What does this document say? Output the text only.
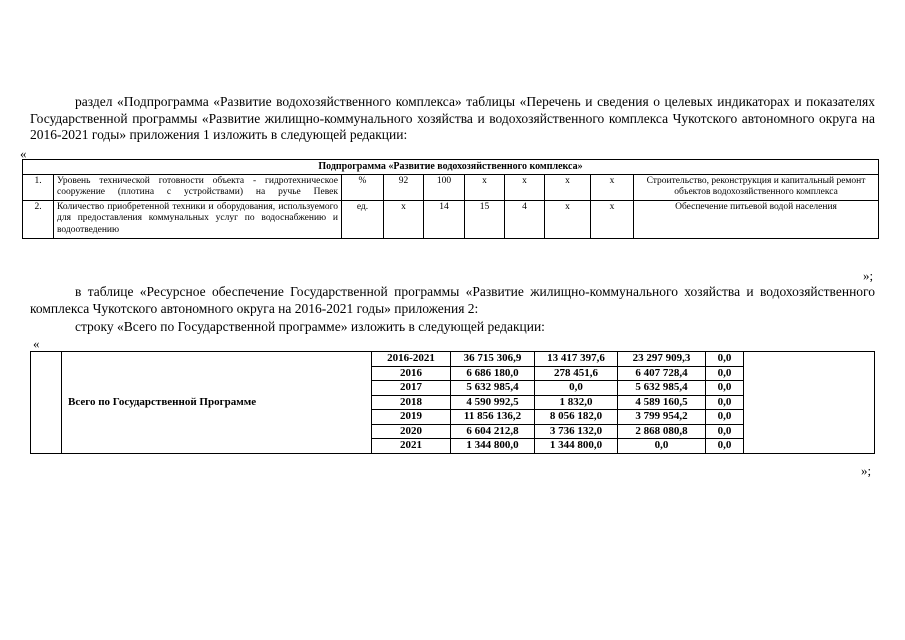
раздел «Подпрограмма «Развитие водохозяйственного комплекса» таблицы «Перечень и сведения о целевых индикаторах и показателях Государственной программы «Развитие жилищно-коммунального хозяйства и водохозяйственного комплекса Чукотского автономного округа на 2016-2021 годы» приложения 1 изложить в следующей редакции:

«
Подпрограмма «Развитие водохозяйственного комплекса»									
1.	Уровень технической готовности объекта - гидротехническое сооружение (плотина с устройствами) на ручье Певек	%	92	100	х	х	х	х	Строительство, реконструкция и капитальный ремонт объектов водохозяйственного комплекса
2.	Количество приобретенной техники и оборудования, используемого для предоставления коммунальных услуг по водоснабжению и водоотведению	ед.	х	14	15	4	х	х	Обеспечение питьевой водой населения
»;

в таблице «Ресурсное обеспечение Государственной программы «Развитие жилищно-коммунального хозяйства и водохозяйственного комплекса Чукотского автономного округа на 2016-2021 годы» приложения 2:

строку «Всего по Государственной программе» изложить в следующей редакции:

«
	Всего по Государственной Программе	2016-2021	36 715 306,9	13 417 397,6	23 297 909,3	0,0	
		2016	6 686 180,0	278 451,6	6 407 728,4	0,0	
		2017	5 632 985,4	0,0	5 632 985,4	0,0	
		2018	4 590 992,5	1 832,0	4 589 160,5	0,0	
		2019	11 856 136,2	8 056 182,0	3 799 954,2	0,0	
		2020	6 604 212,8	3 736 132,0	2 868 080,8	0,0	
		2021	1 344 800,0	1 344 800,0	0,0	0,0	
»;
